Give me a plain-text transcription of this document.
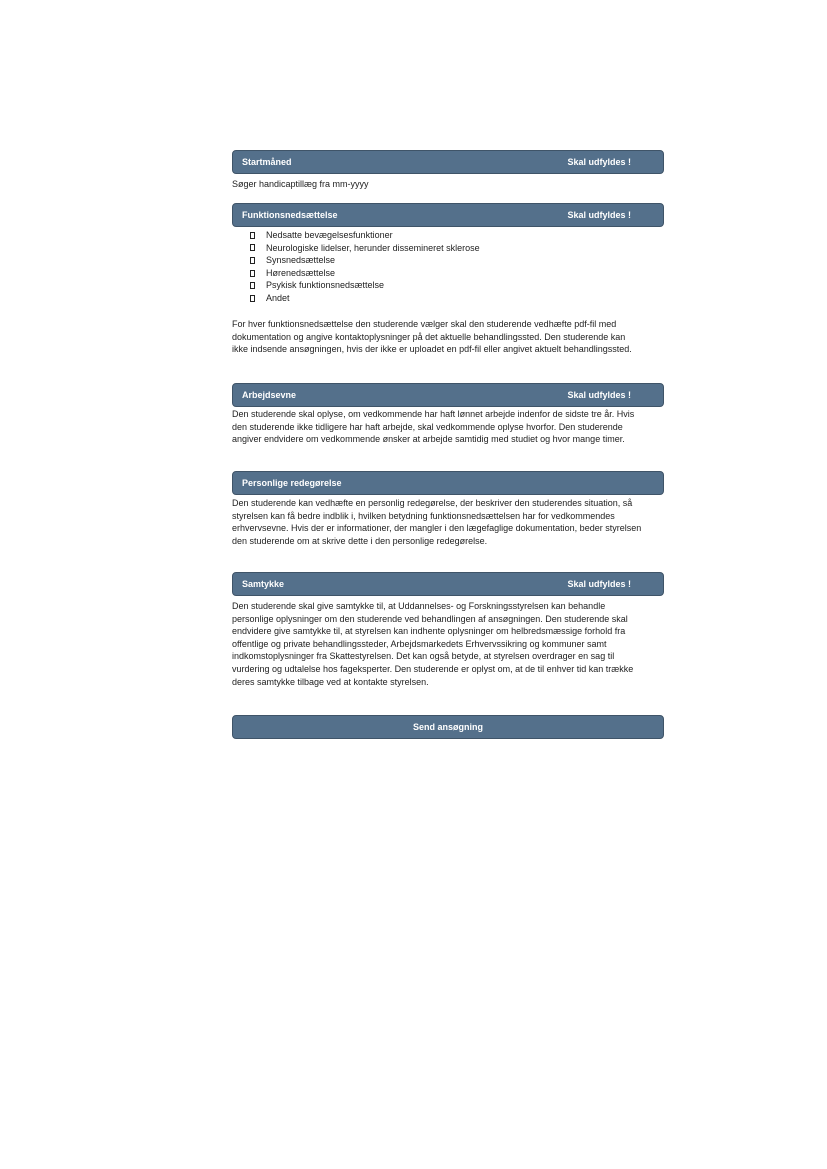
Startmåned	Skal udfyldes !

Søger handicaptillæg fra mm-yyyy

Funktionsnedsættelse	Skal udfyldes !
Nedsatte bevægelsesfunktioner
Neurologiske lidelser, herunder dissemineret sklerose
Synsnedsættelse
Hørenedsættelse
Psykisk funktionsnedsættelse
Andet

For hver funktionsnedsættelse den studerende vælger skal den studerende vedhæfte pdf-fil med dokumentation og angive kontaktoplysninger på det aktuelle behandlingssted. Den studerende kan ikke indsende ansøgningen, hvis der ikke er uploadet en pdf-fil eller angivet aktuelt behandlingssted.

Arbejdsevne	Skal udfyldes !

Den studerende skal oplyse, om vedkommende har haft lønnet arbejde indenfor de sidste tre år. Hvis den studerende ikke tidligere har haft arbejde, skal vedkommende oplyse hvorfor. Den studerende angiver endvidere om vedkommende ønsker at arbejde samtidig med studiet og hvor mange timer.

Personlige redegørelse

Den studerende kan vedhæfte en personlig redegørelse, der beskriver den studerendes situation, så styrelsen kan få bedre indblik i, hvilken betydning funktionsnedsættelsen har for vedkommendes erhvervsevne. Hvis der er informationer, der mangler i den lægefaglige dokumentation, beder styrelsen den studerende om at skrive dette i den personlige redegørelse.

Samtykke	Skal udfyldes !

Den studerende skal give samtykke til, at Uddannelses- og Forskningsstyrelsen kan behandle personlige oplysninger om den studerende ved behandlingen af ansøgningen. Den studerende skal endvidere give samtykke til, at styrelsen kan indhente oplysninger om helbredsmæssige forhold fra offentlige og private behandlingssteder, Arbejdsmarkedets Erhvervssikring og kommuner samt indkomstoplysninger fra Skattestyrelsen. Det kan også betyde, at styrelsen overdrager en sag til vurdering og udtalelse hos fageksperter. Den studerende er oplyst om, at de til enhver tid kan trække deres samtykke tilbage ved at kontakte styrelsen.

Send ansøgning
